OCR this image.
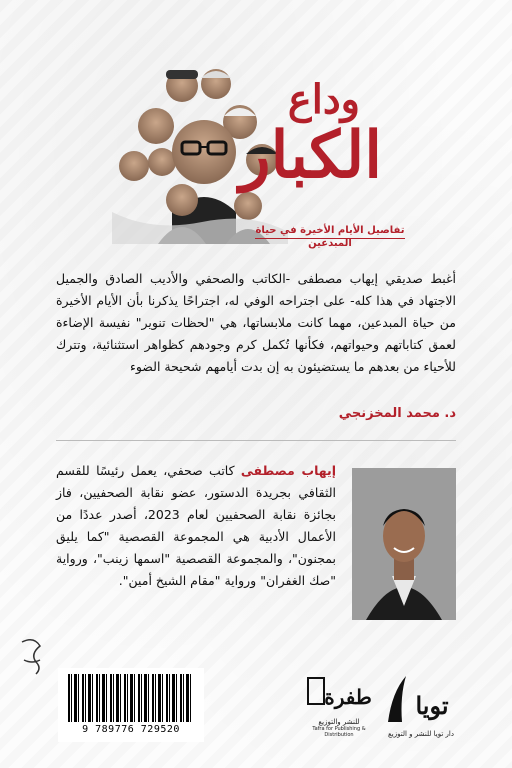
وداع
الكبار
تفاصيل الأيام الأخيرة في حياة المبدعين

أغبط صديقي إيهاب مصطفى -الكاتب والصحفي والأديب الصادق والجميل الاجتهاد في هذا كله- على اجتراحه الوفي له، اجتراحًا يذكرنا بأن الأيام الأخيرة من حياة المبدعين، مهما كانت ملابساتها، هي "لحظات تنوير" نفيسة الإضاءة لعمق كتاباتهم وحيواتهم، فكأنها تُكمل كرم وجودهم كظواهر استثنائية، وتترك للأحياء من بعدهم ما يستضيئون به إن بدت أيامهم شحيحة الضوء

د. محمد المخزنجي

إيهاب مصطفى كاتب صحفي، يعمل رئيسًا للقسم الثقافي بجريدة الدستور، عضو نقابة الصحفيين، فاز بجائزة نقابة الصحفيين لعام 2023، أصدر عددًا من الأعمال الأدبية هي المجموعة القصصية "كما يليق بمجنون"، والمجموعة القصصية "اسمها زينب"، ورواية "صك الغفران" ورواية "مقام الشيخ أمين".

9 789776 729520
طفرة
للنشر والتوزيع
Tafra for Publishing & Distribution
تويا
دار تويا للنشر و التوزيع
